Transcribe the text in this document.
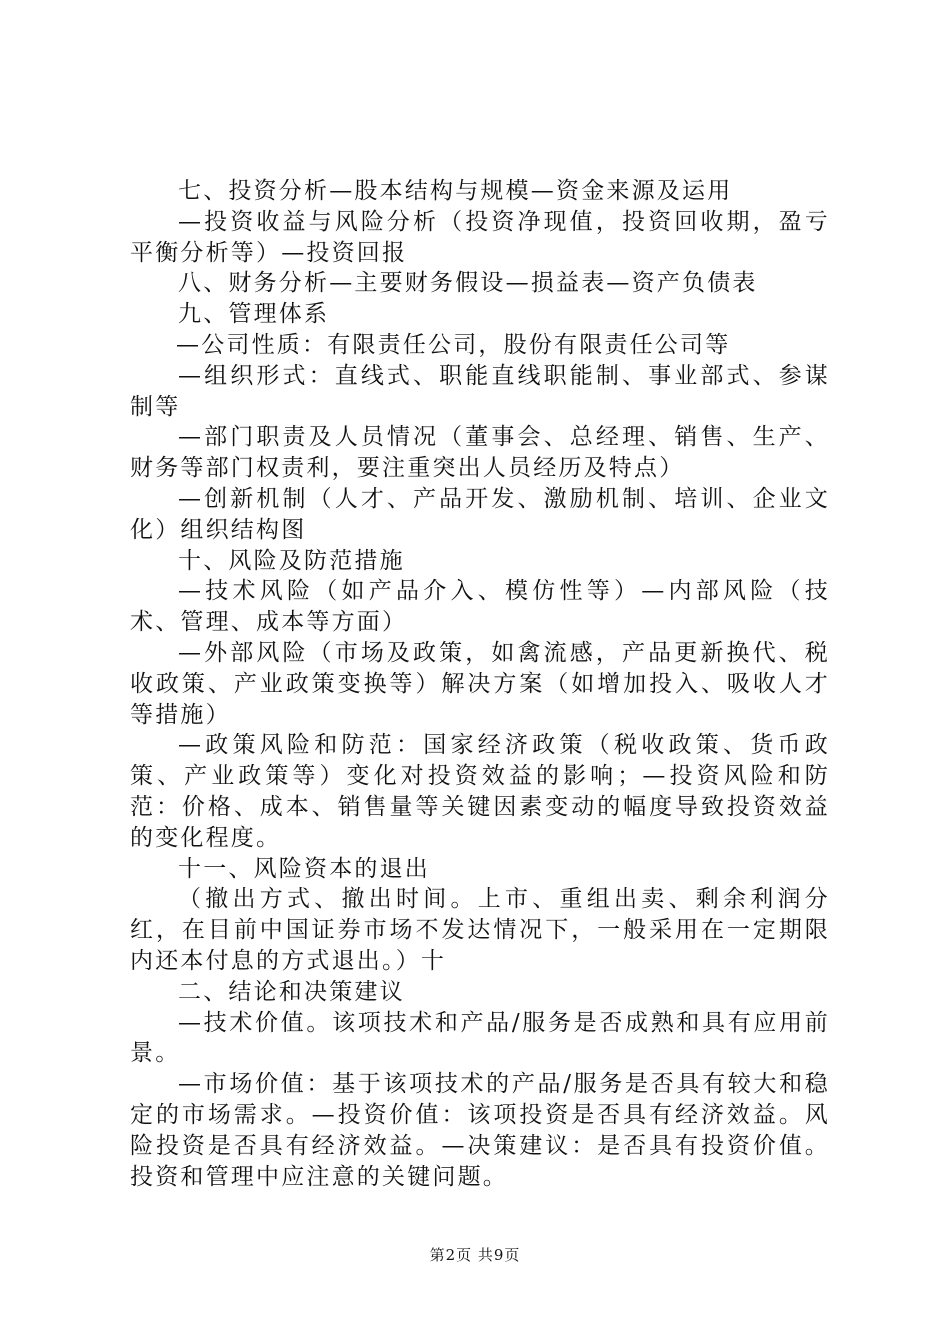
七、投资分析—股本结构与规模—资金来源及运用

—投资收益与风险分析（投资净现值，投资回收期，盈亏平衡分析等）—投资回报

八、财务分析—主要财务假设—损益表—资产负债表

九、管理体系

—公司性质：有限责任公司，股份有限责任公司等

—组织形式：直线式、职能直线职能制、事业部式、参谋制等

—部门职责及人员情况（董事会、总经理、销售、生产、财务等部门权责利，要注重突出人员经历及特点）

—创新机制（人才、产品开发、激励机制、培训、企业文化）组织结构图

十、风险及防范措施

—技术风险（如产品介入、模仿性等）—内部风险（技术、管理、成本等方面）

—外部风险（市场及政策，如禽流感，产品更新换代、税收政策、产业政策变换等）解决方案（如增加投入、吸收人才等措施）

—政策风险和防范：国家经济政策（税收政策、货币政策、产业政策等）变化对投资效益的影响；—投资风险和防范：价格、成本、销售量等关键因素变动的幅度导致投资效益的变化程度。

十一、风险资本的退出

（撤出方式、撤出时间。上市、重组出卖、剩余利润分红，在目前中国证券市场不发达情况下，一般采用在一定期限内还本付息的方式退出。）十

二、结论和决策建议

—技术价值。该项技术和产品/服务是否成熟和具有应用前景。

—市场价值：基于该项技术的产品/服务是否具有较大和稳定的市场需求。—投资价值：该项投资是否具有经济效益。风险投资是否具有经济效益。—决策建议：是否具有投资价值。投资和管理中应注意的关键问题。

第2页 共9页
